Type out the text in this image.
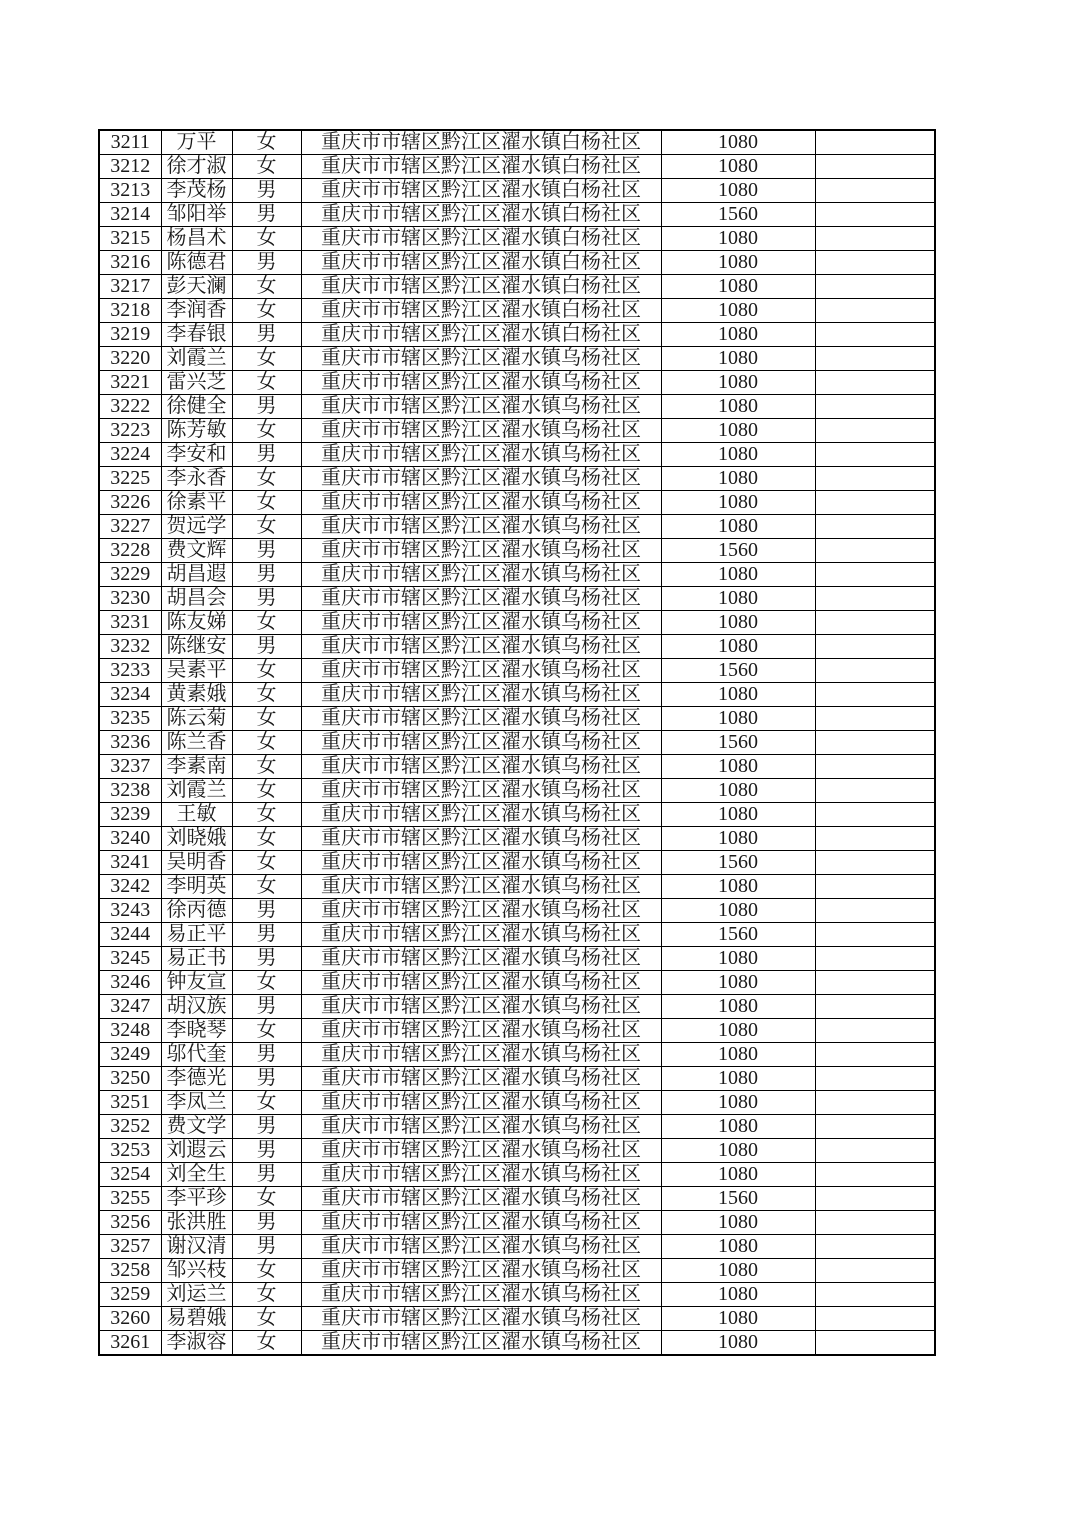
3211	万平	女	重庆市市辖区黔江区濯水镇白杨社区	1080	
3212	徐才淑	女	重庆市市辖区黔江区濯水镇白杨社区	1080	
3213	李茂杨	男	重庆市市辖区黔江区濯水镇白杨社区	1080	
3214	邹阳举	男	重庆市市辖区黔江区濯水镇白杨社区	1560	
3215	杨昌术	女	重庆市市辖区黔江区濯水镇白杨社区	1080	
3216	陈德君	男	重庆市市辖区黔江区濯水镇白杨社区	1080	
3217	彭天澜	女	重庆市市辖区黔江区濯水镇白杨社区	1080	
3218	李润香	女	重庆市市辖区黔江区濯水镇白杨社区	1080	
3219	李春银	男	重庆市市辖区黔江区濯水镇白杨社区	1080	
3220	刘霞兰	女	重庆市市辖区黔江区濯水镇乌杨社区	1080	
3221	雷兴芝	女	重庆市市辖区黔江区濯水镇乌杨社区	1080	
3222	徐健全	男	重庆市市辖区黔江区濯水镇乌杨社区	1080	
3223	陈芳敏	女	重庆市市辖区黔江区濯水镇乌杨社区	1080	
3224	李安和	男	重庆市市辖区黔江区濯水镇乌杨社区	1080	
3225	李永香	女	重庆市市辖区黔江区濯水镇乌杨社区	1080	
3226	徐素平	女	重庆市市辖区黔江区濯水镇乌杨社区	1080	
3227	贺远学	女	重庆市市辖区黔江区濯水镇乌杨社区	1080	
3228	费文辉	男	重庆市市辖区黔江区濯水镇乌杨社区	1560	
3229	胡昌遐	男	重庆市市辖区黔江区濯水镇乌杨社区	1080	
3230	胡昌会	男	重庆市市辖区黔江区濯水镇乌杨社区	1080	
3231	陈友娣	女	重庆市市辖区黔江区濯水镇乌杨社区	1080	
3232	陈继安	男	重庆市市辖区黔江区濯水镇乌杨社区	1080	
3233	吴素平	女	重庆市市辖区黔江区濯水镇乌杨社区	1560	
3234	黄素娥	女	重庆市市辖区黔江区濯水镇乌杨社区	1080	
3235	陈云菊	女	重庆市市辖区黔江区濯水镇乌杨社区	1080	
3236	陈兰香	女	重庆市市辖区黔江区濯水镇乌杨社区	1560	
3237	李素南	女	重庆市市辖区黔江区濯水镇乌杨社区	1080	
3238	刘霞兰	女	重庆市市辖区黔江区濯水镇乌杨社区	1080	
3239	王敏	女	重庆市市辖区黔江区濯水镇乌杨社区	1080	
3240	刘晓娥	女	重庆市市辖区黔江区濯水镇乌杨社区	1080	
3241	吴明香	女	重庆市市辖区黔江区濯水镇乌杨社区	1560	
3242	李明英	女	重庆市市辖区黔江区濯水镇乌杨社区	1080	
3243	徐丙德	男	重庆市市辖区黔江区濯水镇乌杨社区	1080	
3244	易正平	男	重庆市市辖区黔江区濯水镇乌杨社区	1560	
3245	易正书	男	重庆市市辖区黔江区濯水镇乌杨社区	1080	
3246	钟友宣	女	重庆市市辖区黔江区濯水镇乌杨社区	1080	
3247	胡汉族	男	重庆市市辖区黔江区濯水镇乌杨社区	1080	
3248	李晓琴	女	重庆市市辖区黔江区濯水镇乌杨社区	1080	
3249	邬代奎	男	重庆市市辖区黔江区濯水镇乌杨社区	1080	
3250	李德光	男	重庆市市辖区黔江区濯水镇乌杨社区	1080	
3251	李凤兰	女	重庆市市辖区黔江区濯水镇乌杨社区	1080	
3252	费文学	男	重庆市市辖区黔江区濯水镇乌杨社区	1080	
3253	刘遐云	男	重庆市市辖区黔江区濯水镇乌杨社区	1080	
3254	刘全生	男	重庆市市辖区黔江区濯水镇乌杨社区	1080	
3255	李平珍	女	重庆市市辖区黔江区濯水镇乌杨社区	1560	
3256	张洪胜	男	重庆市市辖区黔江区濯水镇乌杨社区	1080	
3257	谢汉清	男	重庆市市辖区黔江区濯水镇乌杨社区	1080	
3258	邹兴枝	女	重庆市市辖区黔江区濯水镇乌杨社区	1080	
3259	刘运兰	女	重庆市市辖区黔江区濯水镇乌杨社区	1080	
3260	易碧娥	女	重庆市市辖区黔江区濯水镇乌杨社区	1080	
3261	李淑容	女	重庆市市辖区黔江区濯水镇乌杨社区	1080	
